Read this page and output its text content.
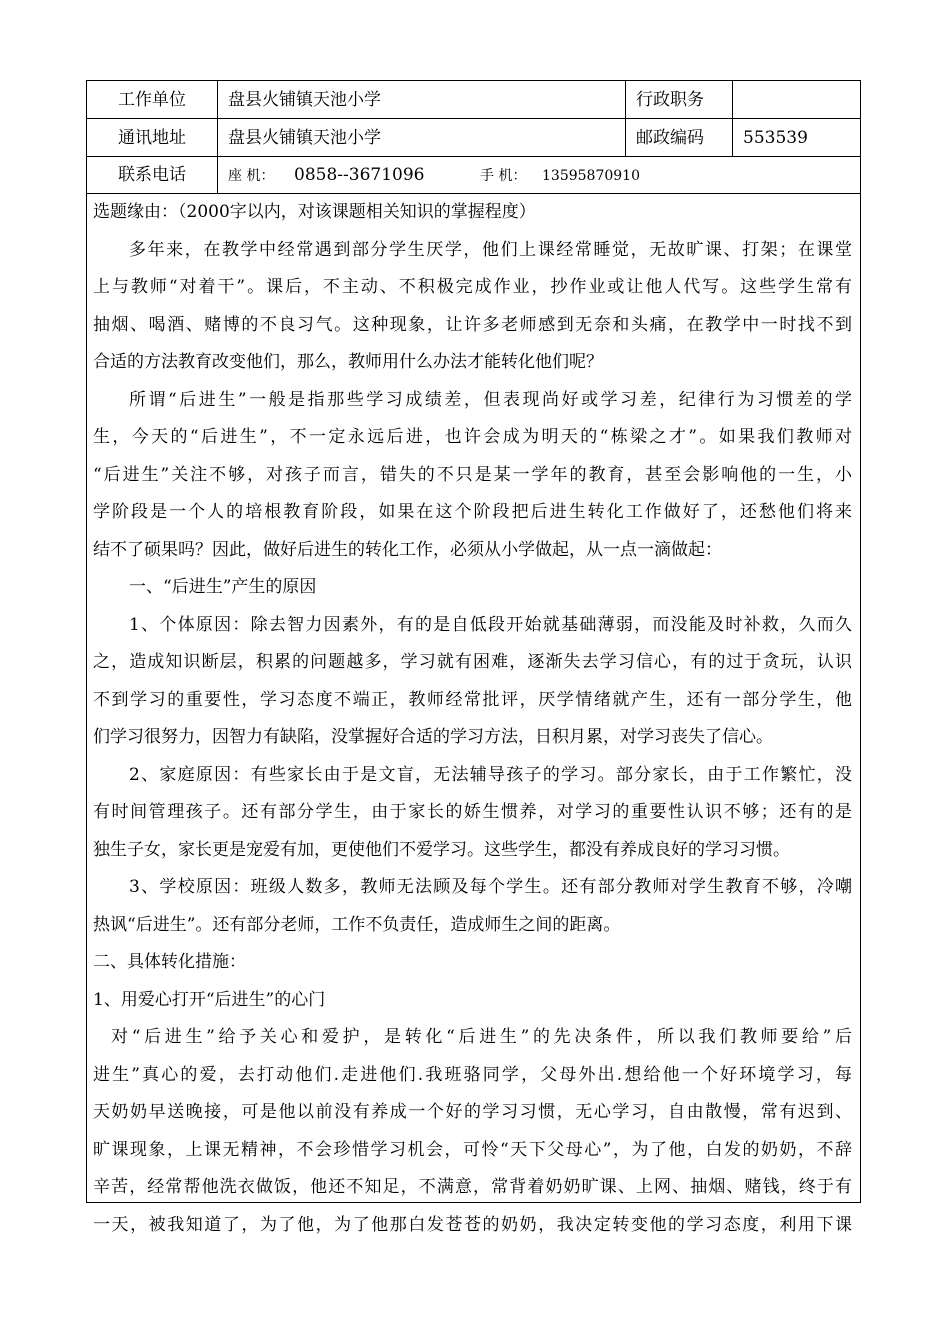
工作单位	盘县火铺镇天池小学	行政职务
通讯地址	盘县火铺镇天池小学	邮政编码	553539
联系电话	座 机： 0858--3671096	手 机： 13595870910
选题缘由：（2000字以内，对该课题相关知识的掌握程度）
多年来，在教学中经常遇到部分学生厌学，他们上课经常睡觉，无故旷课、打架；在课堂
上与教师“对着干”。课后，不主动、不积极完成作业，抄作业或让他人代写。这些学生常有
抽烟、喝酒、赌博的不良习气。这种现象，让许多老师感到无奈和头痛，在教学中一时找不到
合适的方法教育改变他们，那么，教师用什么办法才能转化他们呢？
所谓“后进生”一般是指那些学习成绩差，但表现尚好或学习差，纪律行为习惯差的学
生，今天的“后进生”，不一定永远后进，也许会成为明天的“栋梁之才”。如果我们教师对
“后进生”关注不够，对孩子而言，错失的不只是某一学年的教育，甚至会影响他的一生，小
学阶段是一个人的培根教育阶段，如果在这个阶段把后进生转化工作做好了，还愁他们将来
结不了硕果吗？因此，做好后进生的转化工作，必须从小学做起，从一点一滴做起：
一、“后进生”产生的原因
1、个体原因：除去智力因素外，有的是自低段开始就基础薄弱，而没能及时补救，久而久
之，造成知识断层，积累的问题越多，学习就有困难，逐渐失去学习信心，有的过于贪玩，认识
不到学习的重要性，学习态度不端正，教师经常批评，厌学情绪就产生，还有一部分学生，他
们学习很努力，因智力有缺陷，没掌握好合适的学习方法，日积月累，对学习丧失了信心。
2、家庭原因：有些家长由于是文盲，无法辅导孩子的学习。部分家长，由于工作繁忙，没
有时间管理孩子。还有部分学生，由于家长的娇生惯养，对学习的重要性认识不够；还有的是
独生子女，家长更是宠爱有加，更使他们不爱学习。这些学生，都没有养成良好的学习习惯。
3、学校原因：班级人数多，教师无法顾及每个学生。还有部分教师对学生教育不够，冷嘲
热讽“后进生”。还有部分老师，工作不负责任，造成师生之间的距离。
二、具体转化措施：
1、用爱心打开“后进生”的心门
对“后进生”给予关心和爱护，是转化“后进生”的先决条件，所以我们教师要给”后
进生”真心的爱，去打动他们.走进他们.我班骆同学，父母外出.想给他一个好环境学习，每
天奶奶早送晚接，可是他以前没有养成一个好的学习习惯，无心学习，自由散慢，常有迟到、
旷课现象，上课无精神，不会珍惜学习机会，可怜“天下父母心”，为了他，白发的奶奶，不辞
辛苦，经常帮他洗衣做饭，他还不知足，不满意，常背着奶奶旷课、上网、抽烟、赌钱，终于有
一天，被我知道了，为了他，为了他那白发苍苍的奶奶，我决定转变他的学习态度，利用下课
